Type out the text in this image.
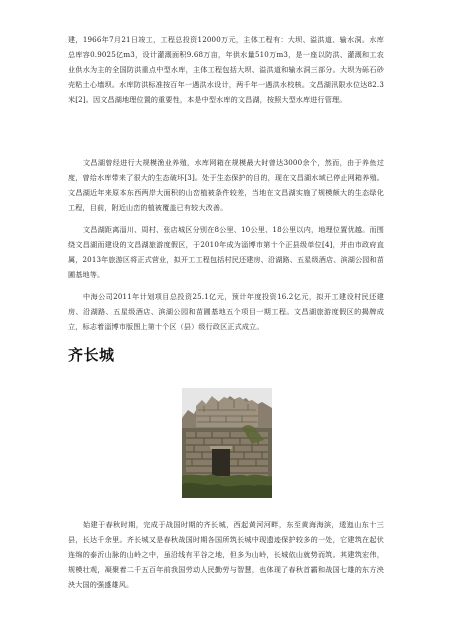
建，1966年7月21日竣工，工程总投资12000万元，主体工程有：大坝、溢洪道、输水洞。水库总库容0.9025亿m3，设计灌溉面积9.68万亩，年供水量510万m3，是一座以防洪、灌溉和工农业供水为主的全国防洪重点中型水库，主体工程包括大坝、溢洪道和输水洞三部分。大坝为砾石砂壳粘土心墙坝。水库防洪标准按百年一遇洪水设计，两千年一遇洪水校核。文昌湖汛限水位达82.3米[2]。因文昌湖地理位置的重要性，本是中型水库的文昌湖，按照大型水库进行管理。

文昌湖曾经进行大规模渔业养殖，水库网箱在规模最大时曾达3000余个，然而，由于养鱼过度，曾给水库带来了很大的生态破坏[3]。处于生态保护的目的，现在文昌湖水域已停止网箱养殖。文昌湖近年来原本东西两岸大面积的山峦植被条件较差，当地在文昌湖实施了规模颇大的生态绿化工程，目前，附近山峦的植被覆盖已有较大改善。

文昌湖距离淄川、周村、张店城区分别在8公里、10公里、18公里以内，地理位置优越。而围绕文昌湖而建设的文昌湖旅游度假区，于2010年成为淄博市第十个正县级单位[4]，并由市政府直属，2013年旅游区将正式营业，拟开工工程包括村民还建房、沿湖路、五星级酒店、滨湖公园和苗圃基地等。

中海公司2011年计划项目总投资25.1亿元，预计年度投资16.2亿元，拟开工建设村民还建房、沿湖路、五星级酒店、滨湖公园和苗圃基地五个项目一期工程。文昌湖旅游度假区的揭牌成立，标志着淄博市版图上第十个区（县）级行政区正式成立。

齐长城

始建于春秋时期，完成于战国时期的齐长城，西起黄河河畔，东至黄海海滨，逶迤山东十三县，长达千余里。齐长城又是春秋战国时期各国所筑长城中现遗迹保护较多的一处，它建筑在起伏连绵的泰沂山脉的山岭之中，虽沿线有平谷之地，但多为山岭，长城依山就势而筑。其建筑宏伟，规模壮观，凝聚着二千五百年前我国劳动人民勤劳与智慧，也体现了春秋首霸和战国七雄的东方泱泱大国的强盛雄风。
